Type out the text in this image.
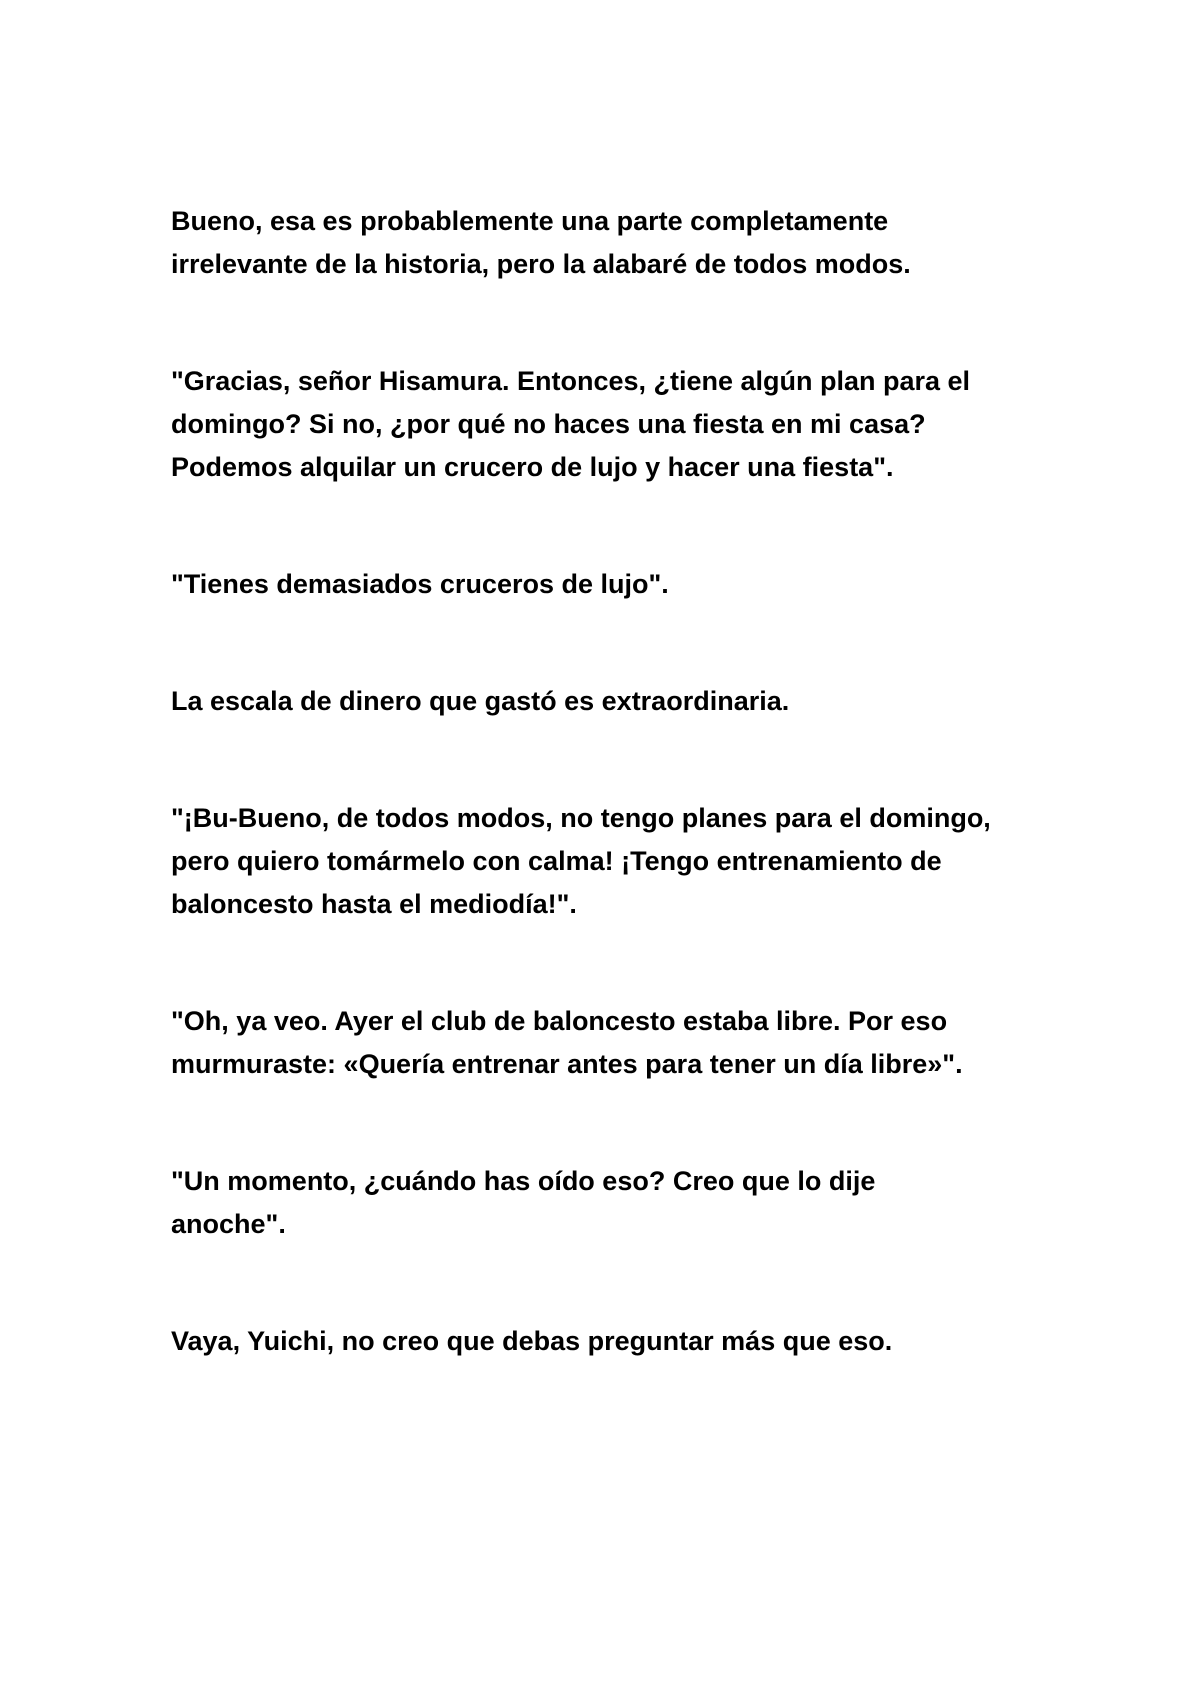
Bueno, esa es probablemente una parte completamente
irrelevante de la historia, pero la alabaré de todos modos.

"Gracias, señor Hisamura. Entonces, ¿tiene algún plan para el
domingo? Si no, ¿por qué no haces una fiesta en mi casa?
Podemos alquilar un crucero de lujo y hacer una fiesta".

"Tienes demasiados cruceros de lujo".

La escala de dinero que gastó es extraordinaria.

"¡Bu-Bueno, de todos modos, no tengo planes para el domingo,
pero quiero tomármelo con calma! ¡Tengo entrenamiento de
baloncesto hasta el mediodía!".

"Oh, ya veo. Ayer el club de baloncesto estaba libre. Por eso
murmuraste: «Quería entrenar antes para tener un día libre»".

"Un momento, ¿cuándo has oído eso? Creo que lo dije
anoche".

Vaya, Yuichi, no creo que debas preguntar más que eso.
